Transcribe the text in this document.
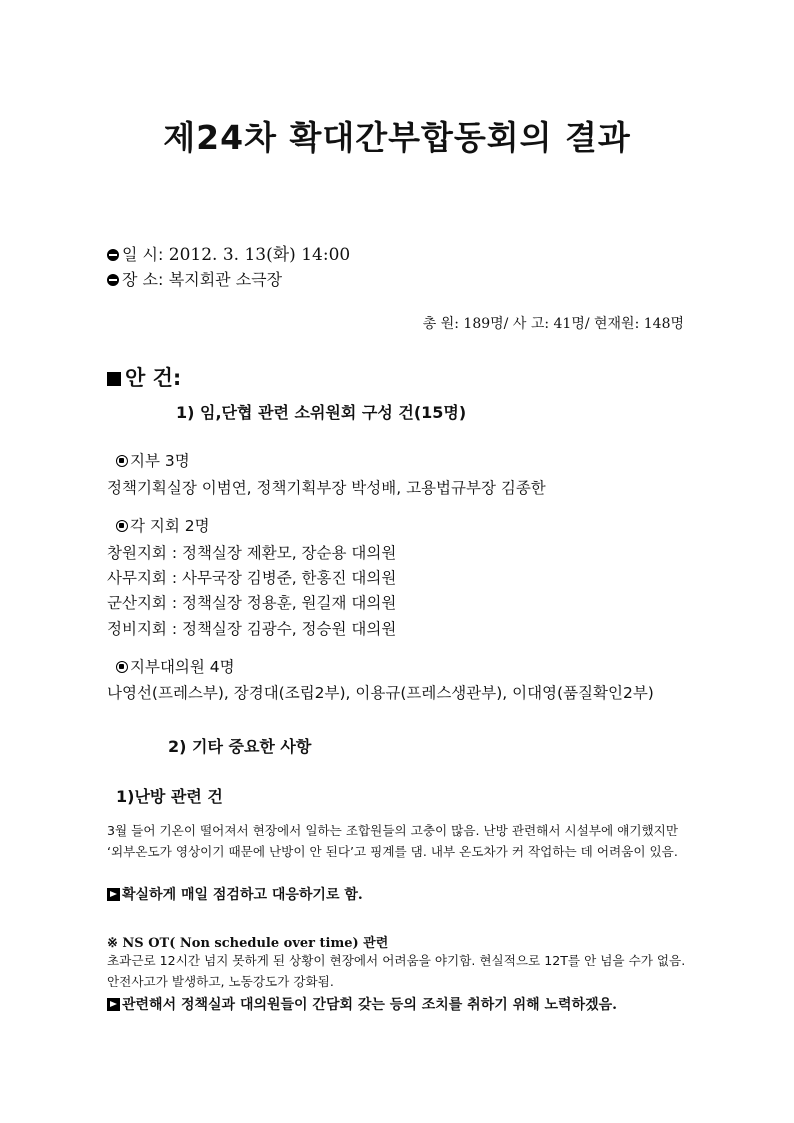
제24차 확대간부합동회의 결과
일 시: 2012. 3. 13(화) 14:00
장 소: 복지회관 소극장
총 원: 189명/ 사 고: 41명/ 현재원: 148명
안 건:
1) 임,단협 관련 소위원회 구성 건(15명)
지부 3명
정책기획실장 이범연, 정책기획부장 박성배, 고용법규부장 김종한
각 지회 2명
창원지회 : 정책실장 제환모, 장순용 대의원
사무지회 : 사무국장 김병준, 한홍진 대의원
군산지회 : 정책실장 정용훈, 원길재 대의원
정비지회 : 정책실장 김광수, 정승원 대의원
지부대의원 4명
나영선(프레스부), 장경대(조립2부), 이용규(프레스생관부), 이대영(품질확인2부)
2) 기타 중요한 사항
1)난방 관련 건
3월 들어 기온이 떨어져서 현장에서 일하는 조합원들의 고충이 많음. 난방 관련해서 시설부에 얘기했지만 ‘외부온도가 영상이기 때문에 난방이 안 된다’고 핑계를 댐. 내부 온도차가 커 작업하는 데 어려움이 있음.
확실하게 매일 점검하고 대응하기로 함.
※ NS OT( Non schedule over time) 관련
초과근로 12시간 넘지 못하게 된 상황이 현장에서 어려움을 야기함. 현실적으로 12T를 안 넘을 수가 없음. 안전사고가 발생하고, 노동강도가 강화됨.
관련해서 정책실과 대의원들이 간담회 갖는 등의 조치를 취하기 위해 노력하겠음.
